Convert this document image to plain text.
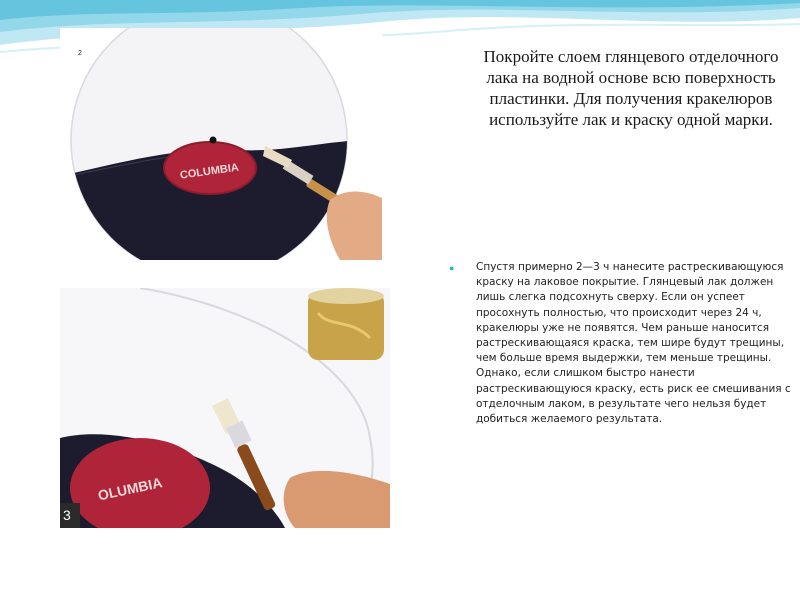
COLUMBIA
2	Покройте слоем глянцевого отделочного лака на водной основе всю поверхность пластинки. Для получения кракелюров используйте лак и краску одной марки.
● Спустя примерно 2—3 ч нанесите растрескивающуюся краску на лаковое покрытие. Глянцевый лак должен лишь слегка подсохнуть сверху. Если он успеет просохнуть полностью, что происходит через 24 ч, кракелюры уже не появятся. Чем раньше наносится растрескивающаяся краска, тем шире будут трещины, чем больше время выдержки, тем меньше трещины. Однако, если слишком быстро нанести растрескивающуюся краску, есть риск ее смешивания с отделочным лаком, в результате чего нельзя будет добиться желаемого результата.
OLUMBIA
3
